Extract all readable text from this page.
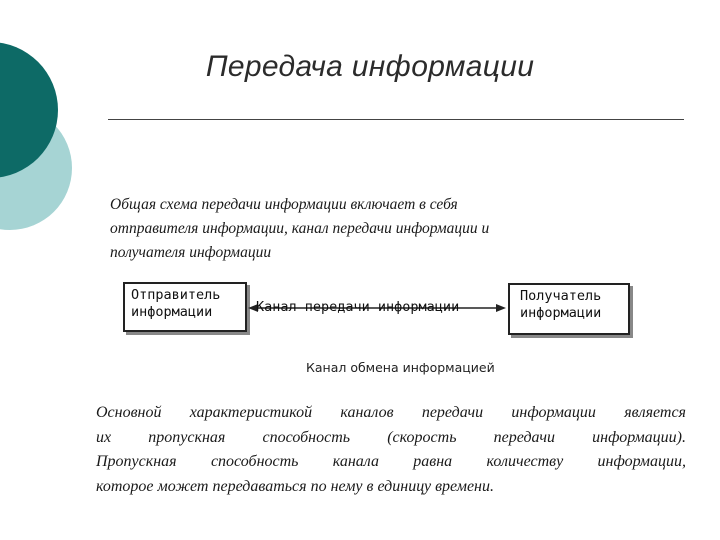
Передача информации
Общая схема передачи информации включает в себя
отправителя информации, канал передачи информации и
получателя информации
Отправитель
информации	Канал передачи информации
Получатель
информации
Канал обмена информацией
Основной характеристикой каналов передачи информации является
их пропускная способность (скорость передачи информации).
Пропускная способность канала равна количеству информации,
которое может передаваться по нему в единицу времени.
